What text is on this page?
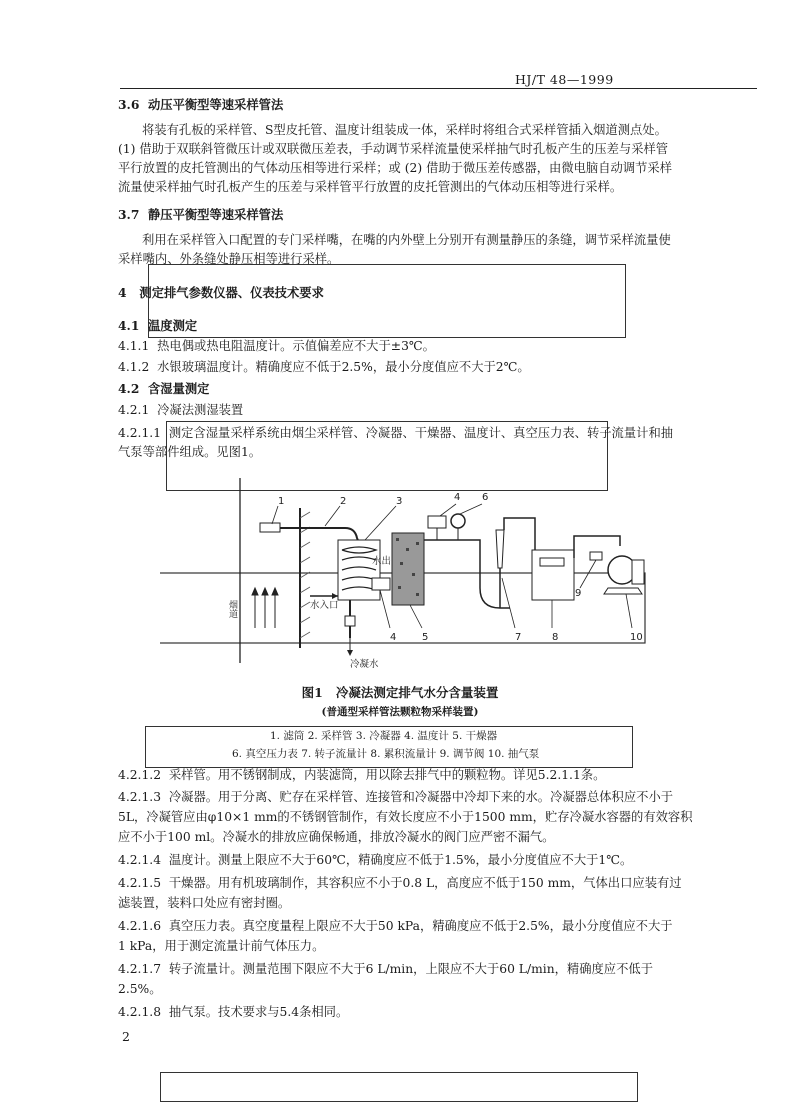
HJ/T 48—1999
3.6 动压平衡型等速采样管法
将装有孔板的采样管、S型皮托管、温度计组装成一体，采样时将组合式采样管插入烟道测点处。
(1) 借助于双联斜管微压计或双联微压差表，手动调节采样流量使采样抽气时孔板产生的压差与采样管
平行放置的皮托管测出的气体动压相等进行采样；或 (2) 借助于微压差传感器，由微电脑自动调节采样
流量使采样抽气时孔板产生的压差与采样管平行放置的皮托管测出的气体动压相等进行采样。
3.7 静压平衡型等速采样管法
利用在采样管入口配置的专门采样嘴，在嘴的内外壁上分别开有测量静压的条缝，调节采样流量使
采样嘴内、外条缝处静压相等进行采样。
4 测定排气参数仪器、仪表技术要求
4.1 温度测定
4.1.1 热电偶或热电阻温度计。示值偏差应不大于±3℃。
4.1.2 水银玻璃温度计。精确度应不低于2.5%，最小分度值应不大于2℃。
4.2 含湿量测定
4.2.1 冷凝法测湿装置
4.2.1.1 测定含湿量采样系统由烟尘采样管、冷凝器、干燥器、温度计、真空压力表、转子流量计和抽
气泵等部件组成。见图1。
1	2	3	4 6
4	5	7	8
9
10
水出
水入口
冷凝水
烟道
图1 冷凝法测定排气水分含量装置
(普通型采样管法颗粒物采样装置)
1. 滤筒 2. 采样管 3. 冷凝器 4. 温度计 5. 干燥器
6. 真空压力表 7. 转子流量计 8. 累积流量计 9. 调节阀 10. 抽气泵
4.2.1.2 采样管。用不锈钢制成，内装滤筒，用以除去排气中的颗粒物。详见5.2.1.1条。
4.2.1.3 冷凝器。用于分离、贮存在采样管、连接管和冷凝器中冷却下来的水。冷凝器总体积应不小于
5L，冷凝管应由φ10×1 mm的不锈钢管制作，有效长度应不小于1500 mm，贮存冷凝水容器的有效容积
应不小于100 ml。冷凝水的排放应确保畅通，排放冷凝水的阀门应严密不漏气。
4.2.1.4 温度计。测量上限应不大于60℃，精确度应不低于1.5%，最小分度值应不大于1℃。
4.2.1.5 干燥器。用有机玻璃制作，其容积应不小于0.8 L，高度应不低于150 mm，气体出口应装有过
滤装置，装料口处应有密封圈。
4.2.1.6 真空压力表。真空度量程上限应不大于50 kPa，精确度应不低于2.5%，最小分度值应不大于
1 kPa，用于测定流量计前气体压力。
4.2.1.7 转子流量计。测量范围下限应不大于6 L/min，上限应不大于60 L/min，精确度应不低于
2.5%。
4.2.1.8 抽气泵。技术要求与5.4条相同。
2
